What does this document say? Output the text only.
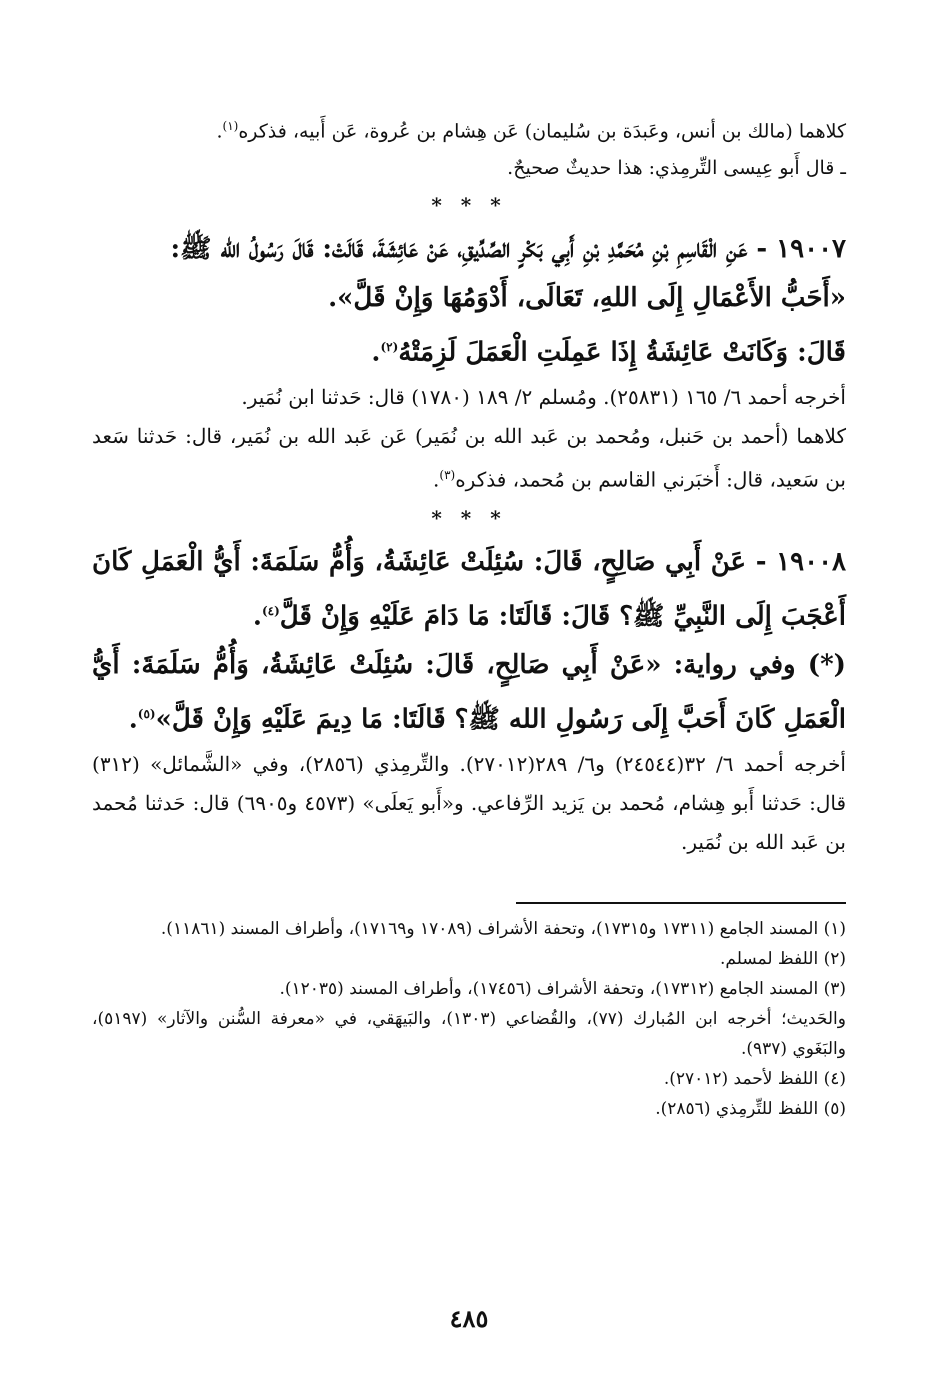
كلاهما (مالك بن أنس، وعَبدَة بن سُليمان) عَن هِشام بن عُروة، عَن أَبيه، فذكره$^{(١)}$.

ـ قال أَبو عِيسى التِّرمِذي: هذا حديثٌ صحيحٌ.

* * *

١٩٠٠٧ - عَنِ الْقَاسِمِ بْنِ مُحَمَّدِ بْنِ أَبِي بَكْرٍ الصِّدِّيقِ، عَنْ عَائِشَةَ، قَالَتْ: قَالَ رَسُولُ الله ﷺ:

«أَحَبُّ الأَعْمَالِ إِلَى اللهِ، تَعَالَى، أَدْوَمُهَا وَإِنْ قَلَّ».

قَالَ: وَكَانَتْ عَائِشَةُ إِذَا عَمِلَتِ الْعَمَلَ لَزِمَتْهُ$^{(٢)}$.

أخرجه أحمد ٦/ ١٦٥ (٢٥٨٣١). ومُسلم ٢/ ١٨٩ (١٧٨٠) قال: حَدثنا ابن نُمَير.

كلاهما (أحمد بن حَنبل، ومُحمد بن عَبد الله بن نُمَير) عَن عَبد الله بن نُمَير، قال: حَدثنا سَعد بن سَعيد، قال: أَخبَرني القاسم بن مُحمد، فذكره$^{(٣)}$.

* * *

١٩٠٠٨ - عَنْ أَبِي صَالِحٍ، قَالَ: سُئِلَتْ عَائِشَةُ، وَأُمُّ سَلَمَةَ: أَيُّ الْعَمَلِ كَانَ أَعْجَبَ إِلَى النَّبِيِّ ﷺ؟ قَالَ: قَالَتَا: مَا دَامَ عَلَيْهِ وَإِنْ قَلَّ$^{(٤)}$.

(*) وفي رواية: «عَنْ أَبِي صَالِحٍ، قَالَ: سُئِلَتْ عَائِشَةُ، وَأُمُّ سَلَمَةَ: أَيُّ الْعَمَلِ كَانَ أَحَبَّ إِلَى رَسُولِ الله ﷺ؟ قَالَتَا: مَا دِيمَ عَلَيْهِ وَإِنْ قَلَّ»$^{(٥)}$.

أخرجه أحمد ٦/ ٣٢(٢٤٥٤٤) و٦/ ٢٨٩(٢٧٠١٢). والتِّرمِذي (٢٨٥٦)، وفي «الشَّمائل» (٣١٢) قال: حَدثنا أَبو هِشام، مُحمد بن يَزيد الرِّفاعي. و«أَبو يَعلَى» (٤٥٧٣ و٦٩٠٥) قال: حَدثنا مُحمد بن عَبد الله بن نُمَير.

(١) المسند الجامع (١٧٣١١ و١٧٣١٥)، وتحفة الأشراف (١٧٠٨٩ و١٧١٦٩)، وأطراف المسند (١١٨٦١).

(٢) اللفظ لمسلم.

(٣) المسند الجامع (١٧٣١٢)، وتحفة الأشراف (١٧٤٥٦)، وأطراف المسند (١٢٠٣٥).

والحَديث؛ أخرجه ابن المُبارك (٧٧)، والقُضاعي (١٣٠٣)، والبَيهَقي، في «معرفة السُّنن والآثار» (٥١٩٧)، والبَغَوي (٩٣٧).

(٤) اللفظ لأحمد (٢٧٠١٢).

(٥) اللفظ للتِّرمِذي (٢٨٥٦).

٤٨٥
